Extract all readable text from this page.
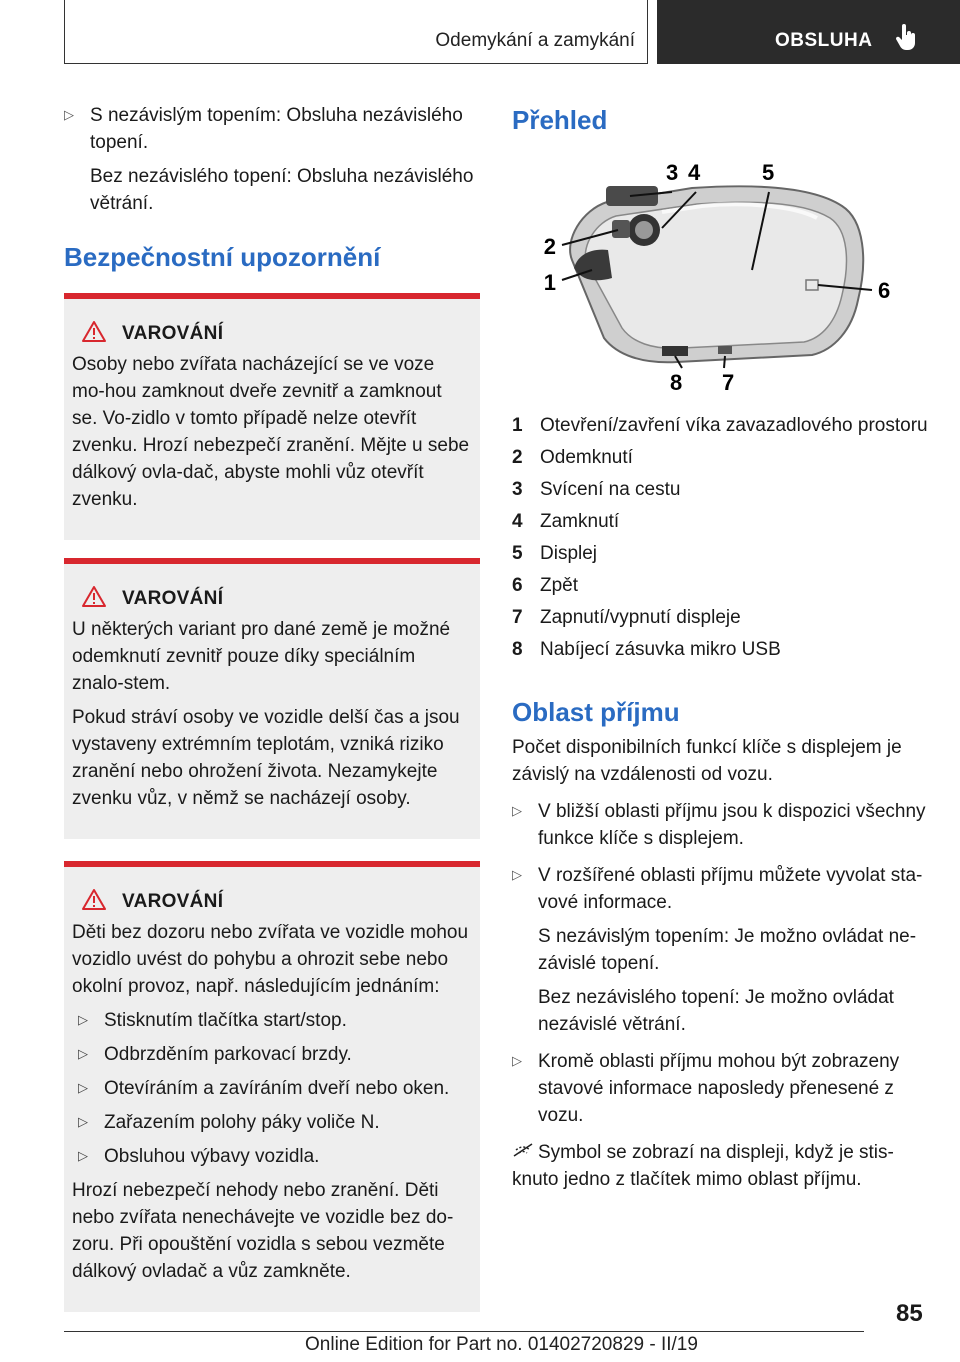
Odemykání a zamykání	OBSLUHA
▷ S nezávislým topením: Obsluha nezávislého topení.
Bez nezávislého topení: Obsluha nezávislého větrání.
Bezpečnostní upozornění
VAROVÁNÍ

Osoby nebo zvířata nacházející se ve voze mo-hou zamknout dveře zevnitř a zamknout se. Vo-zidlo v tomto případě nelze otevřít zvenku. Hrozí nebezpečí zranění. Mějte u sebe dálkový ovla-dač, abyste mohli vůz otevřít zvenku.

VAROVÁNÍ

U některých variant pro dané země je možné odemknutí zevnitř pouze díky speciálním znalo-stem.

Pokud stráví osoby ve vozidle delší čas a jsou vystaveny extrémním teplotám, vzniká riziko zranění nebo ohrožení života. Nezamykejte zvenku vůz, v němž se nacházejí osoby.

VAROVÁNÍ

Děti bez dozoru nebo zvířata ve vozidle mohou vozidlo uvést do pohybu a ohrozit sebe nebo okolní provoz, např. následujícím jednáním:

▷ Stisknutím tlačítka start/stop.
▷ Odbrzděním parkovací brzdy.
▷ Otevíráním a zavíráním dveří nebo oken.
▷ Zařazením polohy páky voliče N.
▷ Obsluhou výbavy vozidla.

Hrozí nebezpečí nehody nebo zranění. Děti nebo zvířata nenechávejte ve vozidle bez do-zoru. Při opouštění vozidla s sebou vezměte dálkový ovladač a vůz zamkněte.

Přehled
1
2
3 4	5
6
7
8
1 Otevření/zavření víka zavazadlového prostoru
2 Odemknutí
3 Svícení na cestu
4 Zamknutí
5 Displej
6 Zpět
7 Zapnutí/vypnutí displeje
8 Nabíjecí zásuvka mikro USB
Oblast příjmu

Počet disponibilních funkcí klíče s displejem je závislý na vzdálenosti od vozu.

▷ V bližší oblasti příjmu jsou k dispozici všechny funkce klíče s displejem.
▷ V rozšířené oblasti příjmu můžete vyvolat sta-vové informace.
S nezávislým topením: Je možno ovládat ne-závislé topení.
Bez nezávislého topení: Je možno ovládat nezávislé větrání.
▷ Kromě oblasti příjmu mohou být zobrazeny stavové informace naposledy přenesené z vozu.

Symbol se zobrazí na displeji, když je stis-knuto jedno z tlačítek mimo oblast příjmu.

85
Online Edition for Part no. 01402720829 - II/19
